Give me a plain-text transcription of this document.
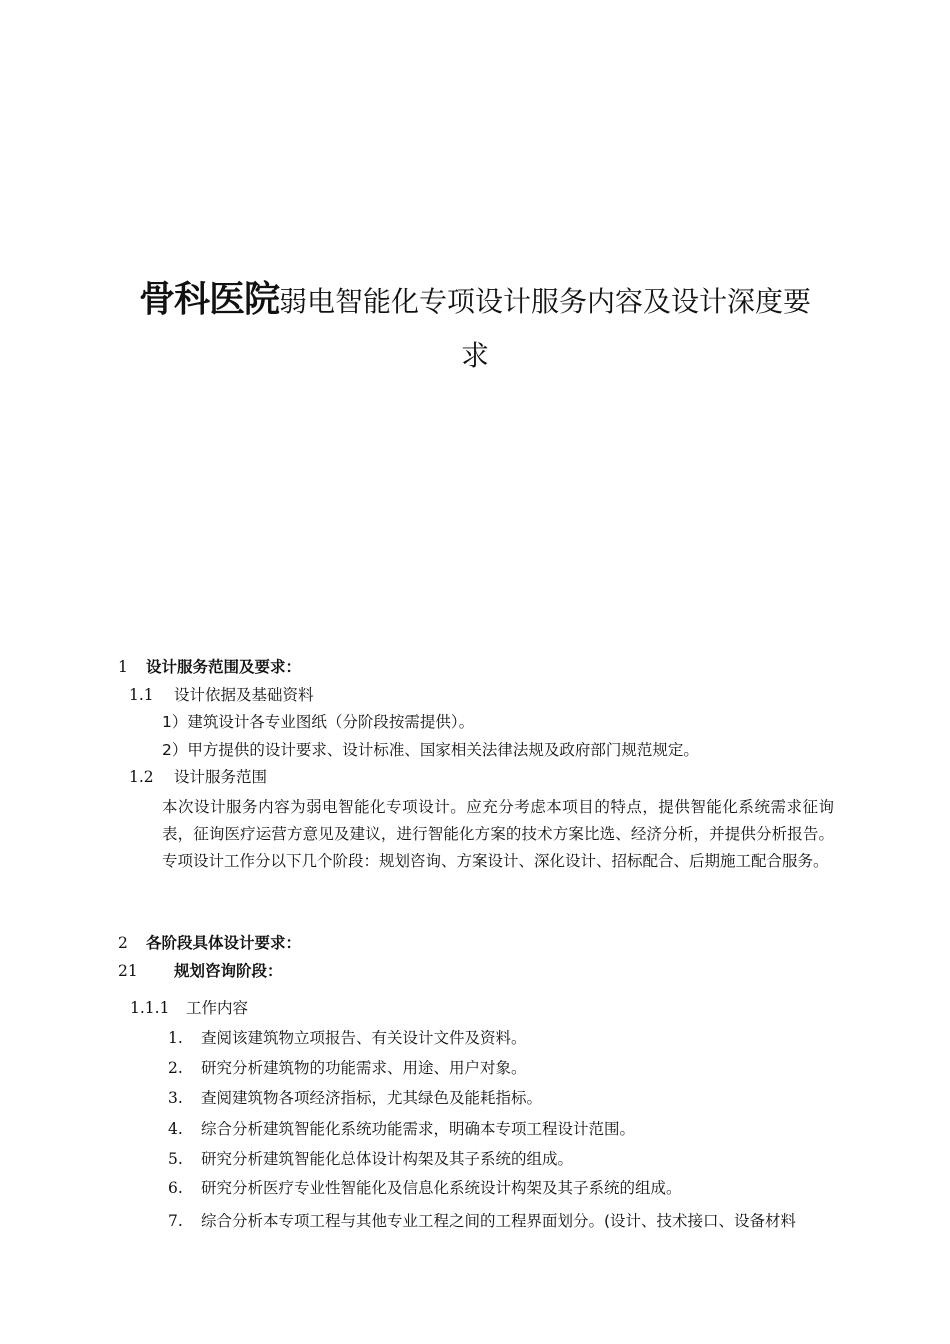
骨科医院弱电智能化专项设计服务内容及设计深度要
求
1 设计服务范围及要求：
1.1 设计依据及基础资料
1）建筑设计各专业图纸（分阶段按需提供）。
2）甲方提供的设计要求、设计标准、国家相关法律法规及政府部门规范规定。
1.2 设计服务范围
本次设计服务内容为弱电智能化专项设计。应充分考虑本项目的特点，提供智能化系统需求征询表，征询医疗运营方意见及建议，进行智能化方案的技术方案比选、经济分析，并提供分析报告。专项设计工作分以下几个阶段：规划咨询、方案设计、深化设计、招标配合、后期施工配合服务。
2 各阶段具体设计要求：
21 规划咨询阶段：
1.1.1 工作内容
1. 查阅该建筑物立项报告、有关设计文件及资料。
2. 研究分析建筑物的功能需求、用途、用户对象。
3. 查阅建筑物各项经济指标，尤其绿色及能耗指标。
4. 综合分析建筑智能化系统功能需求，明确本专项工程设计范围。
5. 研究分析建筑智能化总体设计构架及其子系统的组成。
6. 研究分析医疗专业性智能化及信息化系统设计构架及其子系统的组成。
7. 综合分析本专项工程与其他专业工程之间的工程界面划分。(设计、技术接口、设备材料
